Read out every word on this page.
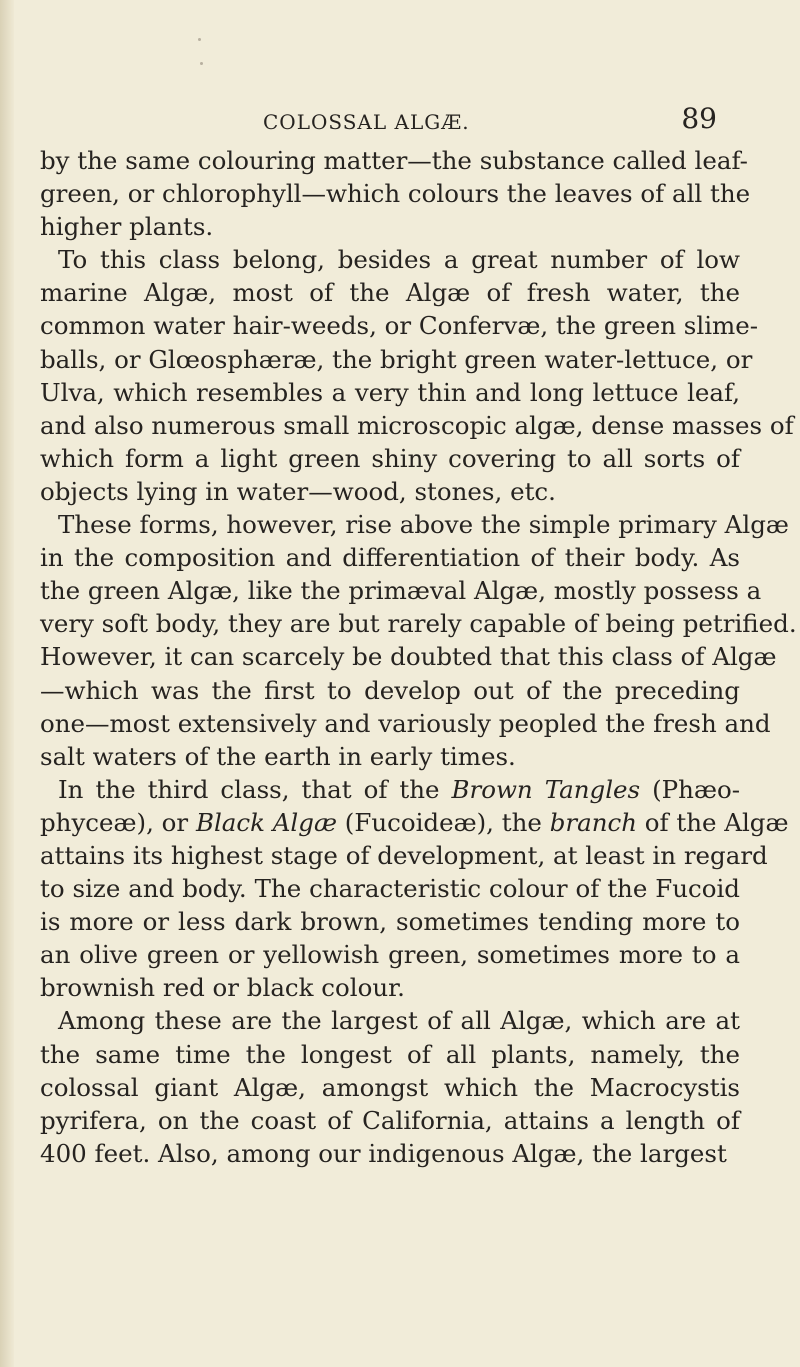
COLOSSAL ALGÆ.	89
by the same colouring matter—the substance called leaf-
green, or chlorophyll—which colours the leaves of all the
higher plants.
To this class belong, besides a great number of low
marine Algæ, most of the Algæ of fresh water, the
common water hair-weeds, or Confervæ, the green slime-
balls, or Glœosphæræ, the bright green water-lettuce, or
Ulva, which resembles a very thin and long lettuce leaf,
and also numerous small microscopic algæ, dense masses of
which form a light green shiny covering to all sorts of
objects lying in water—wood, stones, etc.
These forms, however, rise above the simple primary Algæ
in the composition and differentiation of their body. As
the green Algæ, like the primæval Algæ, mostly possess a
very soft body, they are but rarely capable of being petrified.
However, it can scarcely be doubted that this class of Algæ
—which was the first to develop out of the preceding
one—most extensively and variously peopled the fresh and
salt waters of the earth in early times.
In the third class, that of the Brown Tangles (Phæo-
phyceæ), or Black Algæ (Fucoideæ), the branch of the Algæ
attains its highest stage of development, at least in regard
to size and body. The characteristic colour of the Fucoid
is more or less dark brown, sometimes tending more to
an olive green or yellowish green, sometimes more to a
brownish red or black colour.
Among these are the largest of all Algæ, which are at
the same time the longest of all plants, namely, the
colossal giant Algæ, amongst which the Macrocystis
pyrifera, on the coast of California, attains a length of
400 feet. Also, among our indigenous Algæ, the largest
